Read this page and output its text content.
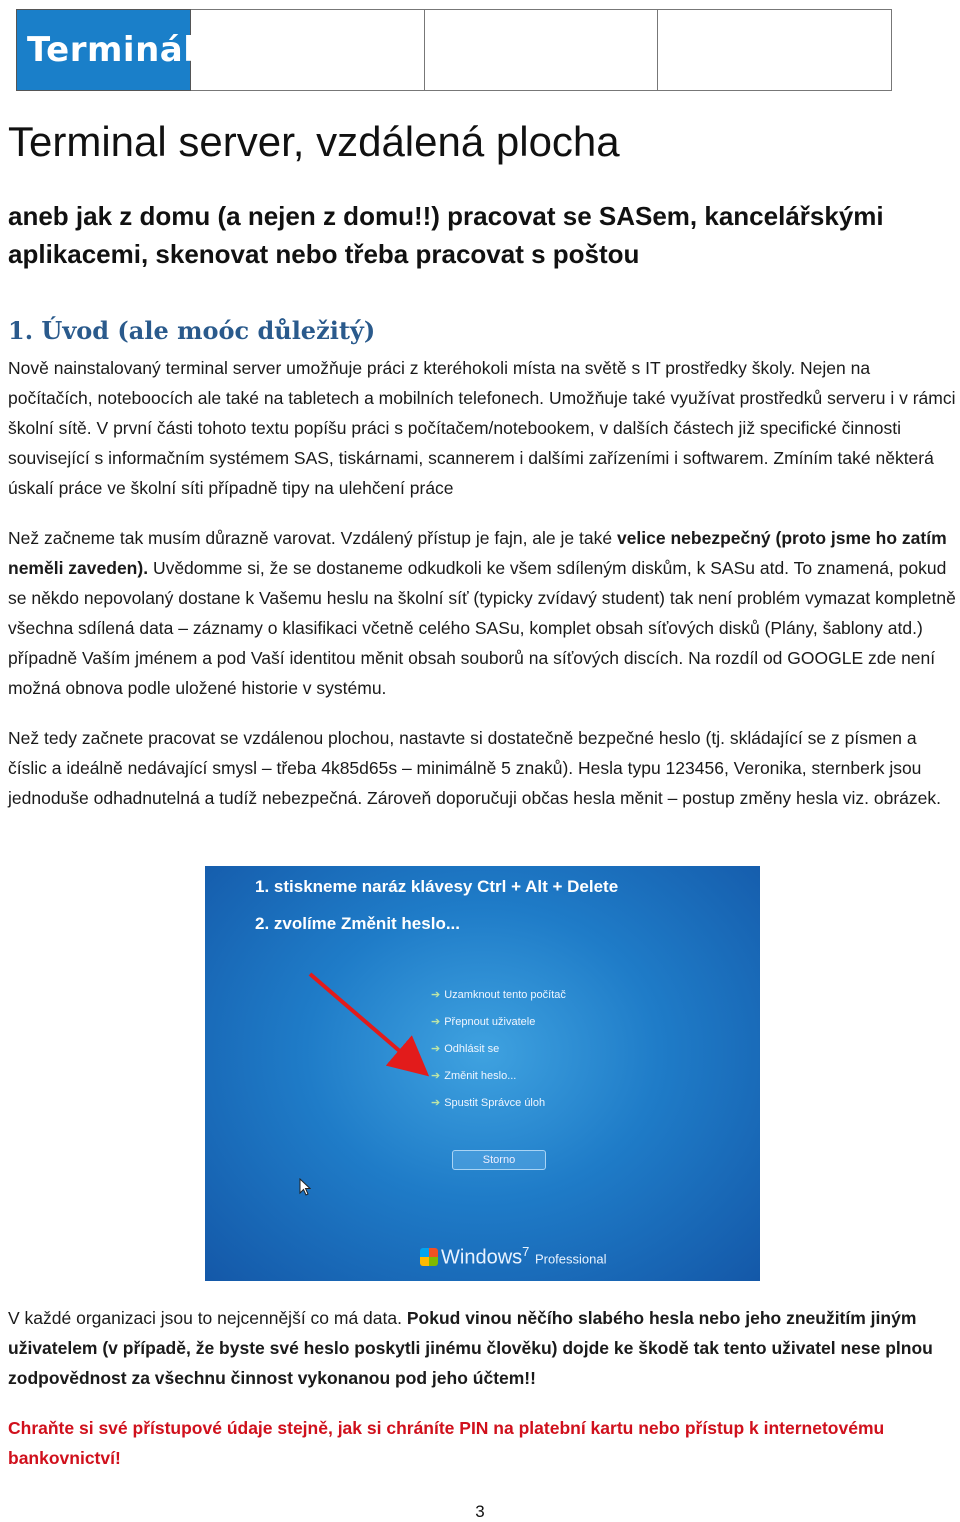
Terminál
Terminal server, vzdálená plocha
aneb jak z domu (a nejen z domu!!) pracovat se SASem, kancelářskými aplikacemi, skenovat nebo třeba pracovat s poštou
1. Úvod (ale moóc důležitý)

Nově nainstalovaný terminal server umožňuje práci z kteréhokoli místa na světě s IT prostředky školy. Nejen na počítačích, noteboocích ale také na tabletech a mobilních telefonech. Umožňuje také využívat prostředků serveru i v rámci školní sítě. V první části tohoto textu popíšu práci s počítačem/notebookem, v dalších částech již specifické činnosti související s informačním systémem SAS, tiskárnami, scannerem i dalšími zařízeními i softwarem. Zmíním také některá úskalí práce ve školní síti případně tipy na ulehčení práce

Než začneme tak musím důrazně varovat. Vzdálený přístup je fajn, ale je také velice nebezpečný (proto jsme ho zatím neměli zaveden). Uvědomme si, že se dostaneme odkudkoli ke všem sdíleným diskům, k SASu atd. To znamená, pokud se někdo nepovolaný dostane k Vašemu heslu na školní síť (typicky zvídavý student) tak není problém vymazat kompletně všechna sdílená data – záznamy o klasifikaci včetně celého SASu, komplet obsah síťových disků (Plány, šablony atd.) případně Vaším jménem a pod Vaší identitou měnit obsah souborů na síťových discích. Na rozdíl od GOOGLE zde není možná obnova podle uložené historie v systému.

Než tedy začnete pracovat se vzdálenou plochou, nastavte si dostatečně bezpečné heslo (tj. skládající se z písmen a číslic a ideálně nedávající smysl – třeba 4k85d65s – minimálně 5 znaků). Hesla typu 123456, Veronika, sternberk jsou jednoduše odhadnutelná a tudíž nebezpečná. Zároveň doporučuji občas hesla měnit – postup změny hesla viz. obrázek.

1. stiskneme naráz klávesy Ctrl + Alt + Delete
2. zvolíme Změnit heslo...
➔ Uzamknout tento počítač
➔ Přepnout uživatele
➔ Odhlásit se
➔ Změnit heslo...
➔ Spustit Správce úloh
Storno
Windows$^7$ Professional

V každé organizaci jsou to nejcennější co má data. Pokud vinou něčího slabého hesla nebo jeho zneužitím jiným uživatelem (v případě, že byste své heslo poskytli jinému člověku) dojde ke škodě tak tento uživatel nese plnou zodpovědnost za všechnu činnost vykonanou pod jeho účtem!!

Chraňte si své přístupové údaje stejně, jak si chráníte PIN na platební kartu nebo přístup k internetovému bankovnictví!

3
